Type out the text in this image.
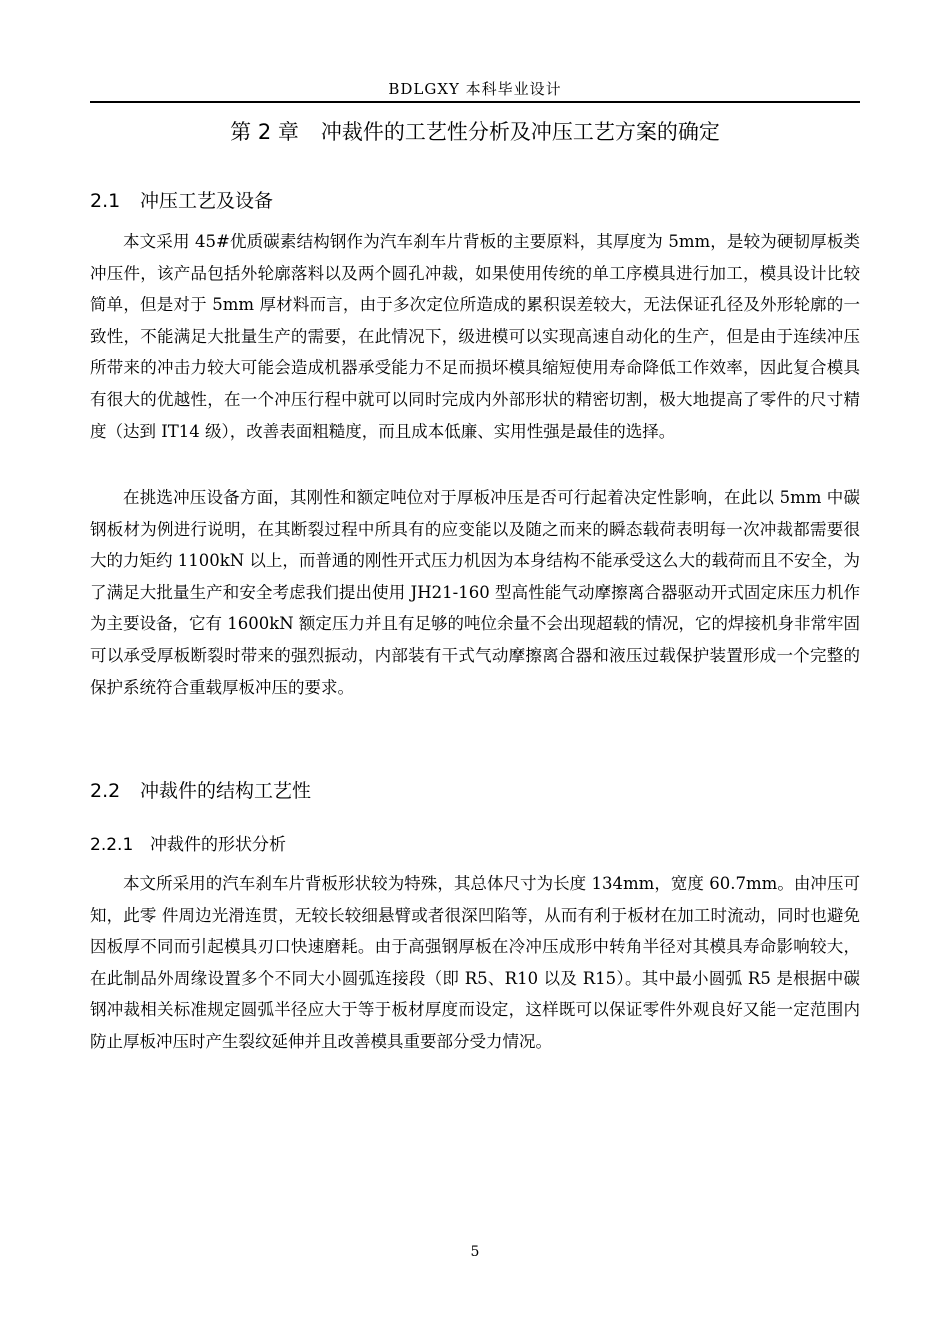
BDLGXY 本科毕业设计
第 2 章 冲裁件的工艺性分析及冲压工艺方案的确定
2.1 冲压工艺及设备

本文采用 45#优质碳素结构钢作为汽车刹车片背板的主要原料，其厚度为 5mm，是较为硬韧厚板类冲压件，该产品包括外轮廓落料以及两个圆孔冲裁，如果使用传统的单工序模具进行加工，模具设计比较简单，但是对于 5mm 厚材料而言，由于多次定位所造成的累积误差较大，无法保证孔径及外形轮廓的一致性，不能满足大批量生产的需要，在此情况下，级进模可以实现高速自动化的生产，但是由于连续冲压所带来的冲击力较大可能会造成机器承受能力不足而损坏模具缩短使用寿命降低工作效率，因此复合模具有很大的优越性，在一个冲压行程中就可以同时完成内外部形状的精密切割，极大地提高了零件的尺寸精度（达到 IT14 级），改善表面粗糙度，而且成本低廉、实用性强是最佳的选择。

在挑选冲压设备方面，其刚性和额定吨位对于厚板冲压是否可行起着决定性影响，在此以 5mm 中碳钢板材为例进行说明，在其断裂过程中所具有的应变能以及随之而来的瞬态载荷表明每一次冲裁都需要很大的力矩约 1100kN 以上，而普通的刚性开式压力机因为本身结构不能承受这么大的载荷而且不安全，为了满足大批量生产和安全考虑我们提出使用 JH21-160 型高性能气动摩擦离合器驱动开式固定床压力机作为主要设备，它有 1600kN 额定压力并且有足够的吨位余量不会出现超载的情况，它的焊接机身非常牢固可以承受厚板断裂时带来的强烈振动，内部装有干式气动摩擦离合器和液压过载保护装置形成一个完整的保护系统符合重载厚板冲压的要求。

2.2 冲裁件的结构工艺性
2.2.1 冲裁件的形状分析

本文所采用的汽车刹车片背板形状较为特殊，其总体尺寸为长度 134mm，宽度 60.7mm。由冲压可知，此零 件周边光滑连贯，无较长较细悬臂或者很深凹陷等，从而有利于板材在加工时流动，同时也避免因板厚不同而引起模具刃口快速磨耗。由于高强钢厚板在冷冲压成形中转角半径对其模具寿命影响较大，在此制品外周缘设置多个不同大小圆弧连接段（即 R5、R10 以及 R15）。其中最小圆弧 R5 是根据中碳钢冲裁相关标准规定圆弧半径应大于等于板材厚度而设定，这样既可以保证零件外观良好又能一定范围内防止厚板冲压时产生裂纹延伸并且改善模具重要部分受力情况。

5
